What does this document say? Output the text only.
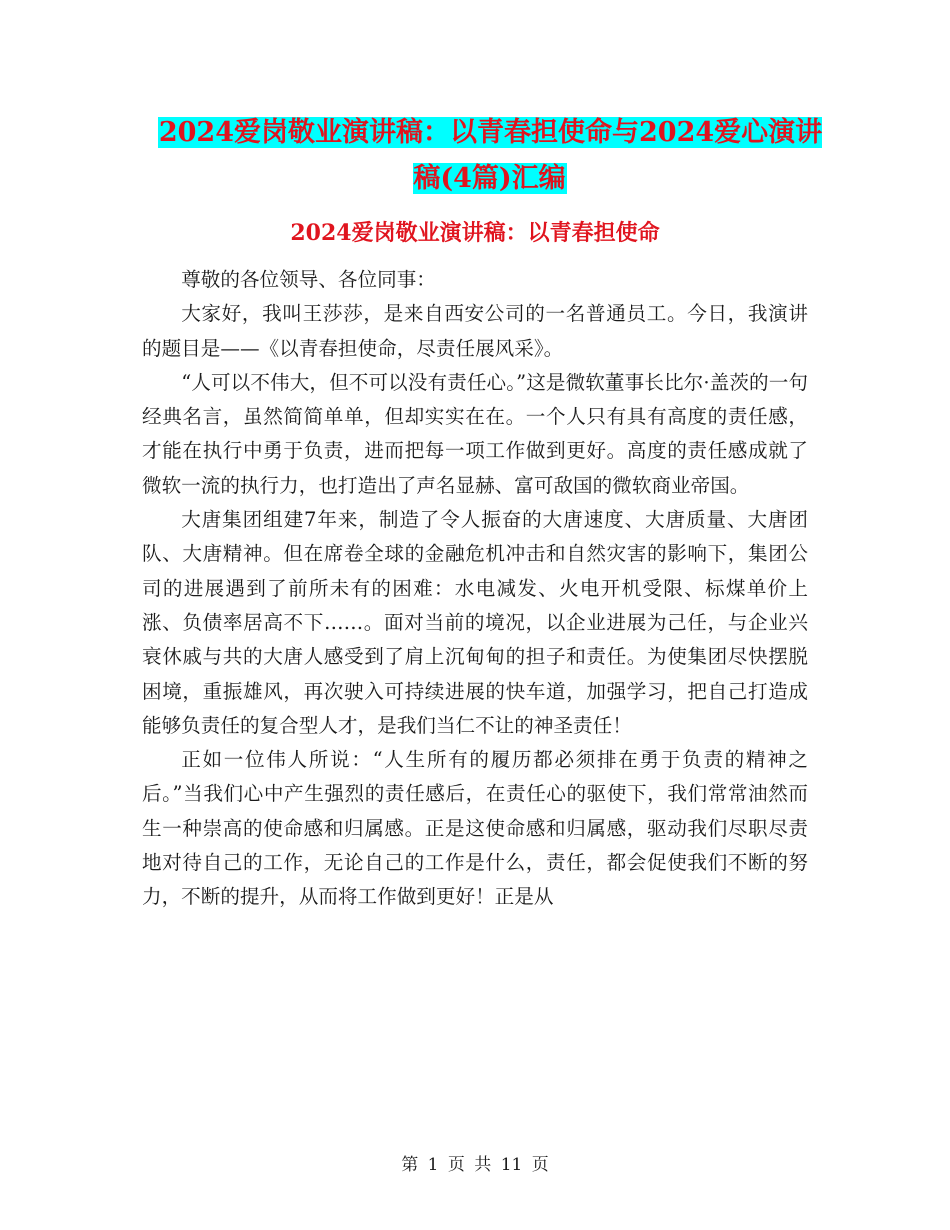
2024爱岗敬业演讲稿：以青春担使命与2024爱心演讲稿(4篇)汇编
2024爱岗敬业演讲稿：以青春担使命

尊敬的各位领导、各位同事：

大家好，我叫王莎莎，是来自西安公司的一名普通员工。今日，我演讲的题目是——《以青春担使命，尽责任展风采》。

“人可以不伟大，但不可以没有责任心。”这是微软董事长比尔·盖茨的一句经典名言，虽然简简单单，但却实实在在。一个人只有具有高度的责任感，才能在执行中勇于负责，进而把每一项工作做到更好。高度的责任感成就了微软一流的执行力，也打造出了声名显赫、富可敌国的微软商业帝国。

大唐集团组建7年来，制造了令人振奋的大唐速度、大唐质量、大唐团队、大唐精神。但在席卷全球的金融危机冲击和自然灾害的影响下，集团公司的进展遇到了前所未有的困难：水电减发、火电开机受限、标煤单价上涨、负债率居高不下……。面对当前的境况，以企业进展为己任，与企业兴衰休戚与共的大唐人感受到了肩上沉甸甸的担子和责任。为使集团尽快摆脱困境，重振雄风，再次驶入可持续进展的快车道，加强学习，把自己打造成能够负责任的复合型人才，是我们当仁不让的神圣责任！

正如一位伟人所说：“人生所有的履历都必须排在勇于负责的精神之后。”当我们心中产生强烈的责任感后，在责任心的驱使下，我们常常油然而生一种崇高的使命感和归属感。正是这使命感和归属感，驱动我们尽职尽责地对待自己的工作，无论自己的工作是什么，责任，都会促使我们不断的努力，不断的提升，从而将工作做到更好！正是从

第 1 页 共 11 页
